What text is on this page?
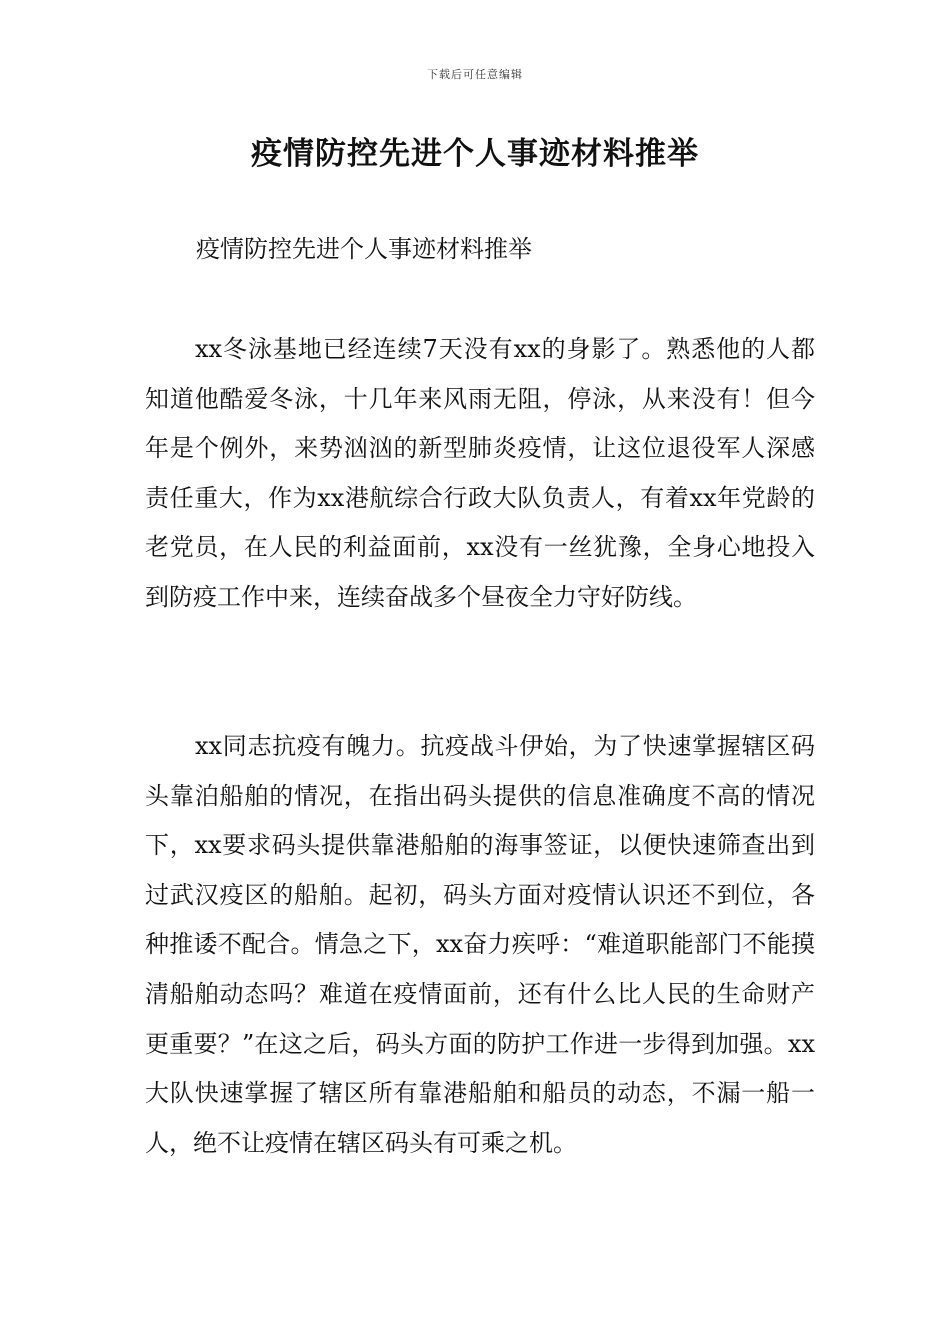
下载后可任意编辑
疫情防控先进个人事迹材料推举
疫情防控先进个人事迹材料推举

xx冬泳基地已经连续7天没有xx的身影了。熟悉他的人都知道他酷爱冬泳，十几年来风雨无阻，停泳，从来没有！但今年是个例外，来势汹汹的新型肺炎疫情，让这位退役军人深感责任重大，作为xx港航综合行政大队负责人，有着xx年党龄的老党员，在人民的利益面前，xx没有一丝犹豫，全身心地投入到防疫工作中来，连续奋战多个昼夜全力守好防线。

xx同志抗疫有魄力。抗疫战斗伊始，为了快速掌握辖区码头靠泊船舶的情况，在指出码头提供的信息准确度不高的情况下，xx要求码头提供靠港船舶的海事签证，以便快速筛查出到过武汉疫区的船舶。起初，码头方面对疫情认识还不到位，各种推诿不配合。情急之下，xx奋力疾呼：“难道职能部门不能摸清船舶动态吗？难道在疫情面前，还有什么比人民的生命财产更重要？”在这之后，码头方面的防护工作进一步得到加强。xx大队快速掌握了辖区所有靠港船舶和船员的动态，不漏一船一人，绝不让疫情在辖区码头有可乘之机。
